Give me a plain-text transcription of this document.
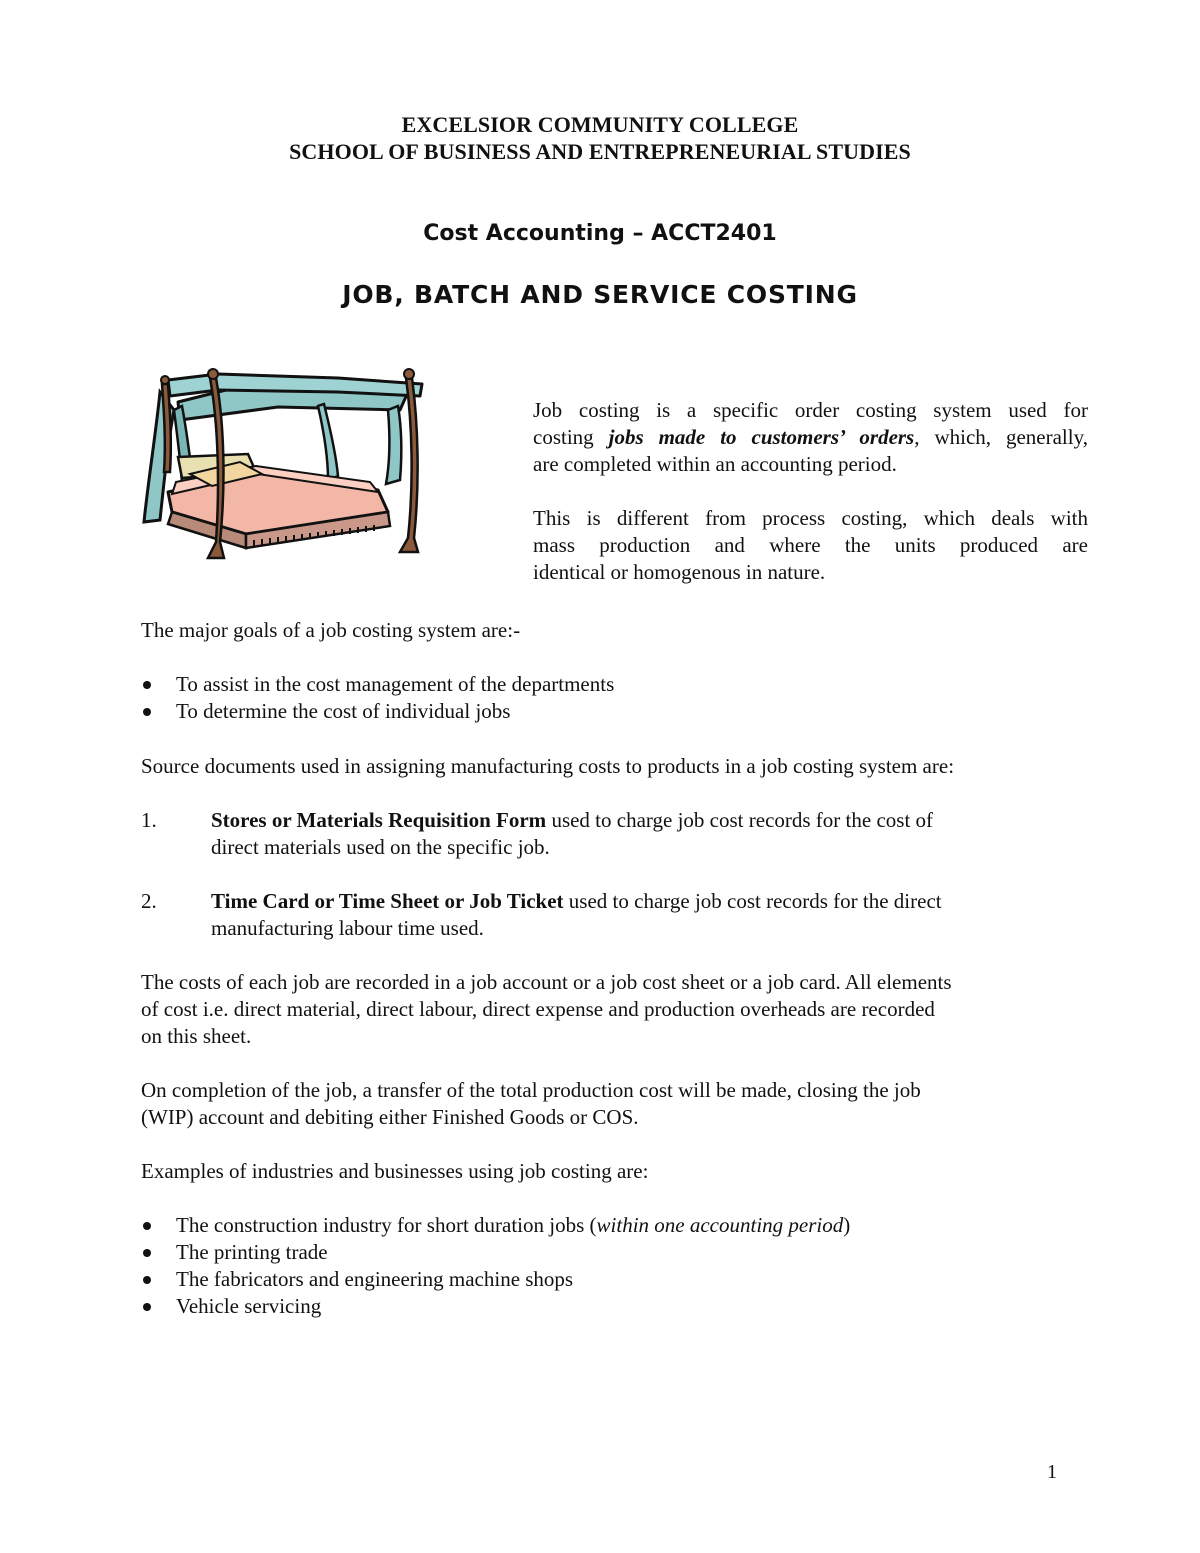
EXCELSIOR COMMUNITY COLLEGE
SCHOOL OF BUSINESS AND ENTREPRENEURIAL STUDIES
Cost Accounting – ACCT2401
JOB, BATCH AND SERVICE COSTING
Job costing is a specific order costing system used for
costing jobs made to customers’ orders, which, generally,
are completed within an accounting period.
This is different from process costing, which deals with
mass production and where the units produced are
identical or homogenous in nature.
The major goals of a job costing system are:-
To assist in the cost management of the departments
To determine the cost of individual jobs
Source documents used in assigning manufacturing costs to products in a job costing system are:
1.	Stores or Materials Requisition Form used to charge job cost records for the cost of
direct materials used on the specific job.
2.	Time Card or Time Sheet or Job Ticket used to charge job cost records for the direct
manufacturing labour time used.
The costs of each job are recorded in a job account or a job cost sheet or a job card. All elements
of cost i.e. direct material, direct labour, direct expense and production overheads are recorded
on this sheet.
On completion of the job, a transfer of the total production cost will be made, closing the job
(WIP) account and debiting either Finished Goods or COS.
Examples of industries and businesses using job costing are:
The construction industry for short duration jobs (within one accounting period)
The printing trade
The fabricators and engineering machine shops
Vehicle servicing
1
